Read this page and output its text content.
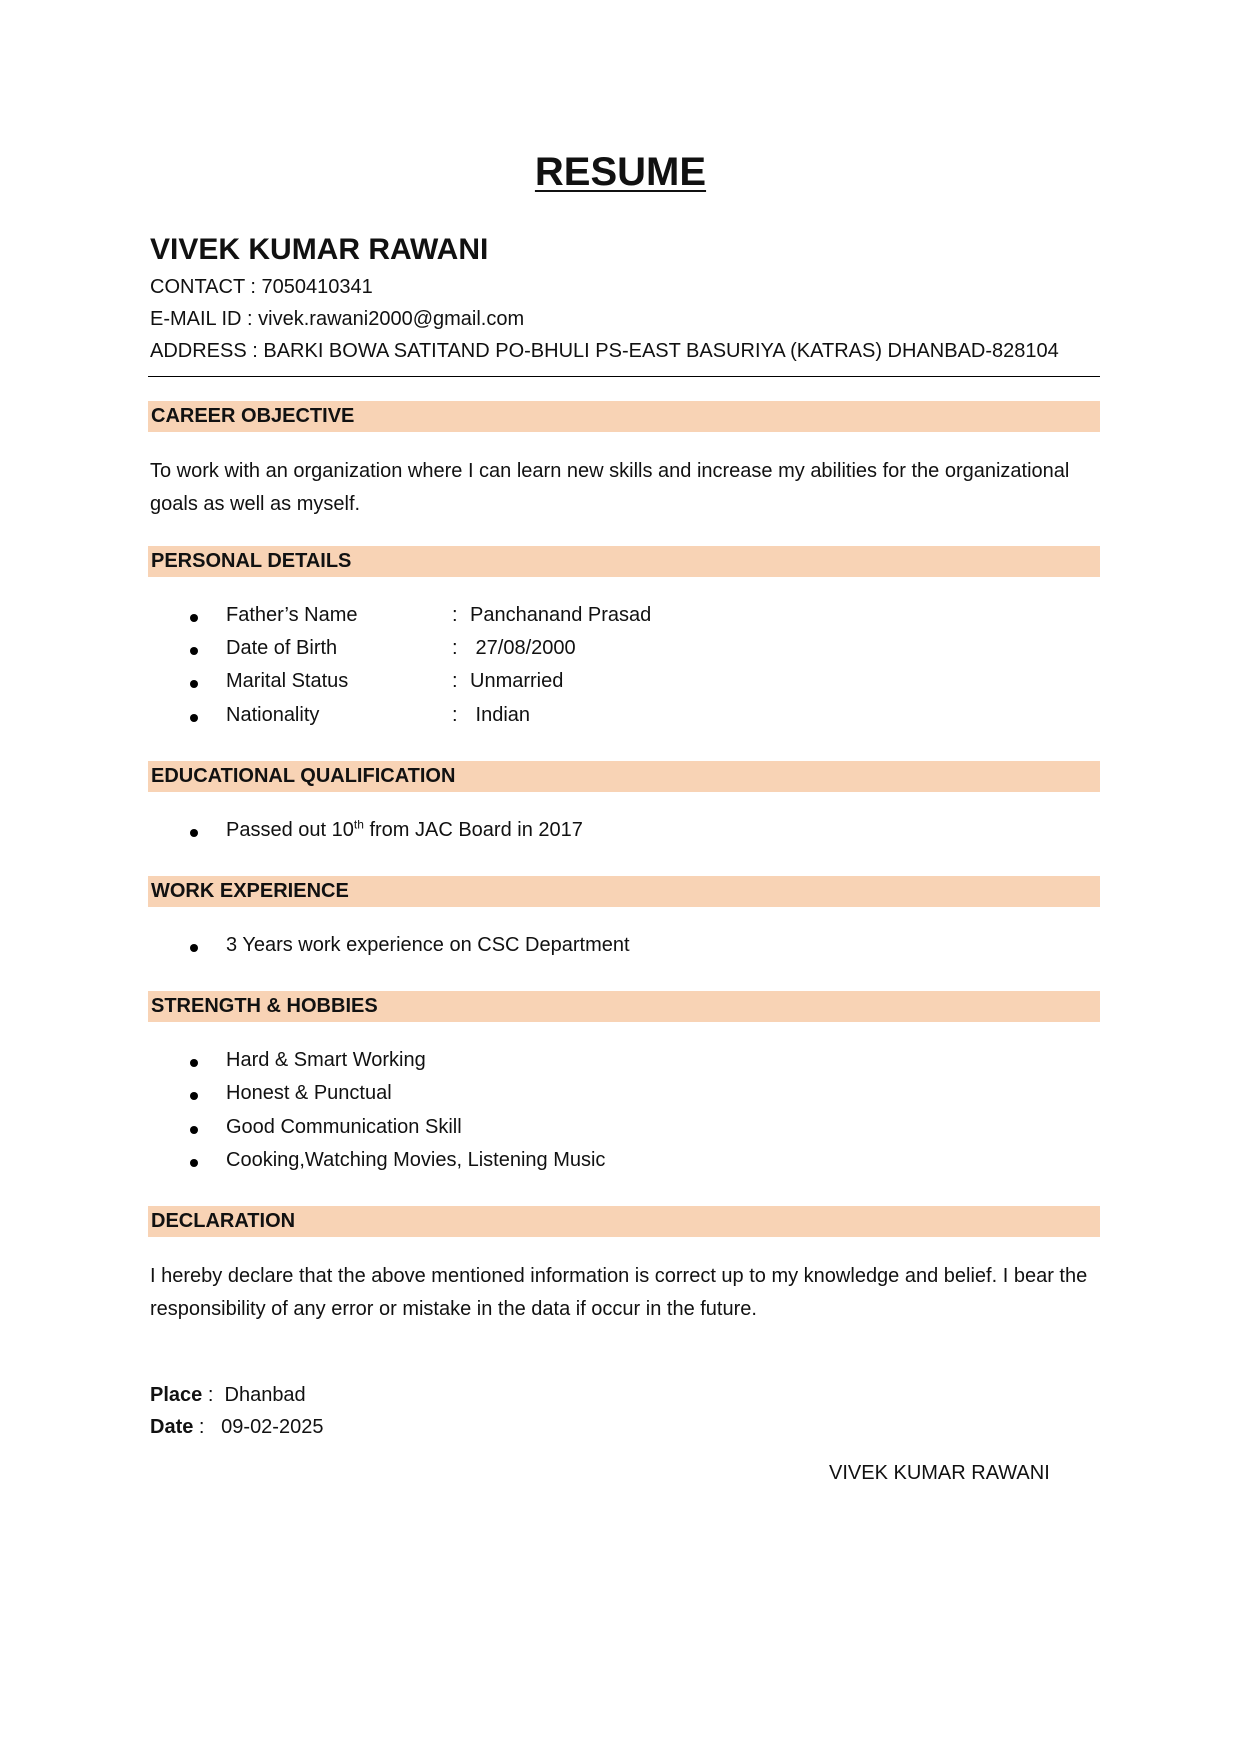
RESUME
VIVEK KUMAR RAWANI
CONTACT : 7050410341
E-MAIL ID : vivek.rawani2000@gmail.com
ADDRESS : BARKI BOWA SATITAND PO-BHULI PS-EAST BASURIYA (KATRAS) DHANBAD-828104
CAREER OBJECTIVE
To work with an organization where I can learn new skills and increase my abilities for the organizational goals as well as myself.
PERSONAL DETAILS
Father’s Name	: Panchanand Prasad
Date of Birth	: 27/08/2000
Marital Status	: Unmarried
Nationality	: Indian
EDUCATIONAL QUALIFICATION
Passed out 10th from JAC Board in 2017
WORK EXPERIENCE
3 Years work experience on CSC Department
STRENGTH & HOBBIES
Hard & Smart Working
Honest & Punctual
Good Communication Skill
Cooking,Watching Movies, Listening Music
DECLARATION
I hereby declare that the above mentioned information is correct up to my knowledge and belief. I bear the responsibility of any error or mistake in the data if occur in the future.
Place :  Dhanbad
Date :   09-02-2025
VIVEK KUMAR RAWANI
